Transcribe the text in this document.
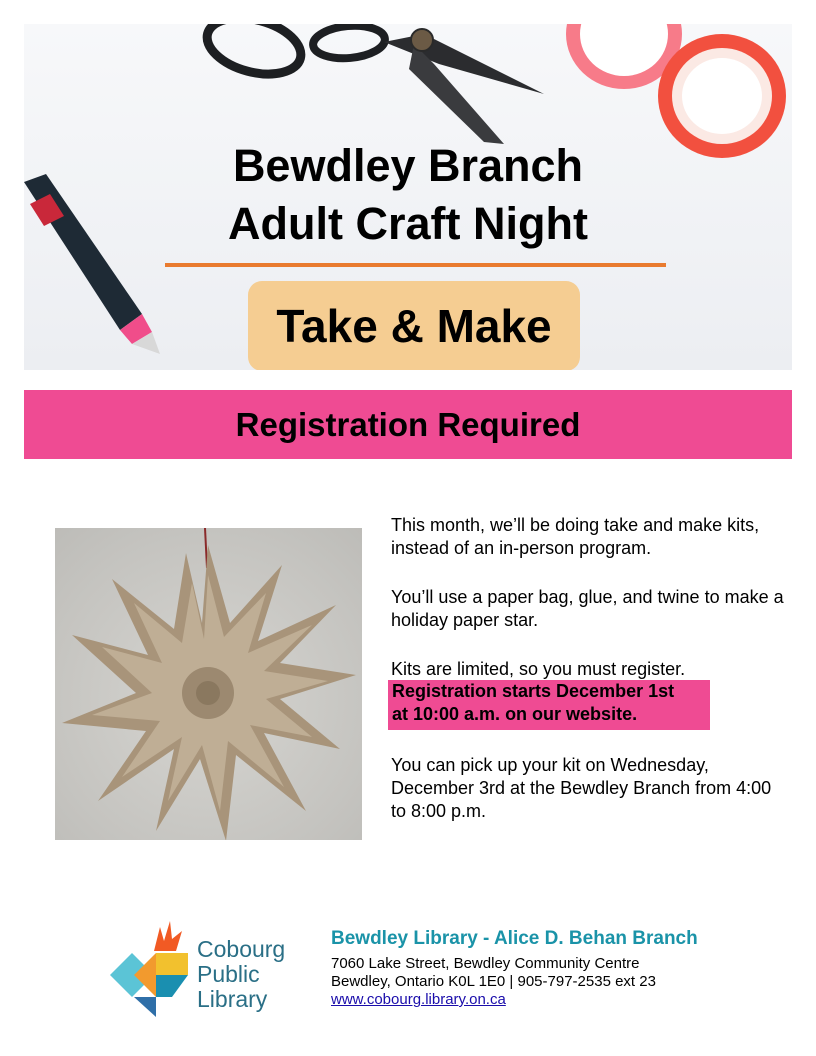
Bewdley Branch
Adult Craft Night
Take & Make
Registration Required

This month, we’ll be doing take and make kits, instead of an in-person program.

You’ll use a paper bag, glue, and twine to make a holiday paper star.

Kits are limited, so you must register.

Registration starts December 1st
at 10:00 a.m. on our website.

You can pick up your kit on Wednesday, December 3rd at the Bewdley Branch from 4:00 to 8:00 p.m.

Cobourg
Public
Library
Bewdley Library - Alice D. Behan Branch
7060 Lake Street, Bewdley Community Centre
Bewdley, Ontario K0L 1E0 | 905-797-2535 ext 23
www.cobourg.library.on.ca
